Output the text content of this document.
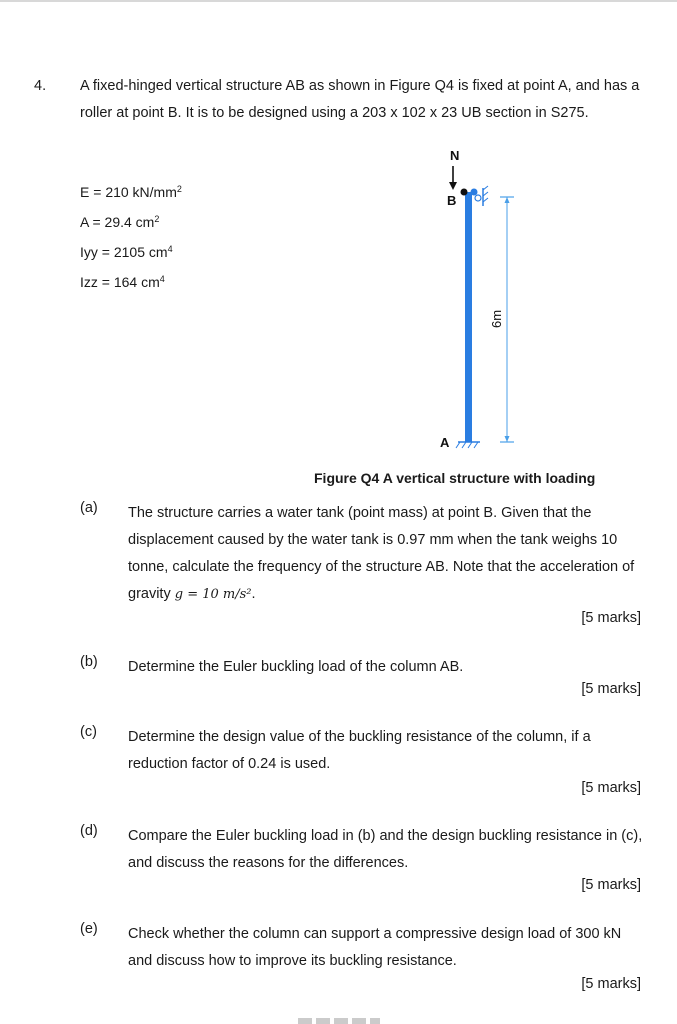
4. A fixed-hinged vertical structure AB as shown in Figure Q4 is fixed at point A, and has a roller at point B. It is to be designed using a 203 x 102 x 23 UB section in S275.
E = 210 $kN/mm^2$
A = 29.4 $cm^2$
Iyy = 2105 $cm^4$
Izz = 164 $cm^4$
N
B
A
6m
Figure Q4 A vertical structure with loading
(a)	The structure carries a water tank (point mass) at point B. Given that the displacement caused by the water tank is 0.97 mm when the tank weighs 10 tonne, calculate the frequency of the structure AB. Note that the acceleration of gravity g = 10 m/s².
[5 marks]
(b)	Determine the Euler buckling load of the column AB.
[5 marks]
(c)	Determine the design value of the buckling resistance of the column, if a reduction factor of 0.24 is used.
[5 marks]
(d)	Compare the Euler buckling load in (b) and the design buckling resistance in (c), and discuss the reasons for the differences.
[5 marks]
(e)	Check whether the column can support a compressive design load of 300 kN and discuss how to improve its buckling resistance.
[5 marks]
